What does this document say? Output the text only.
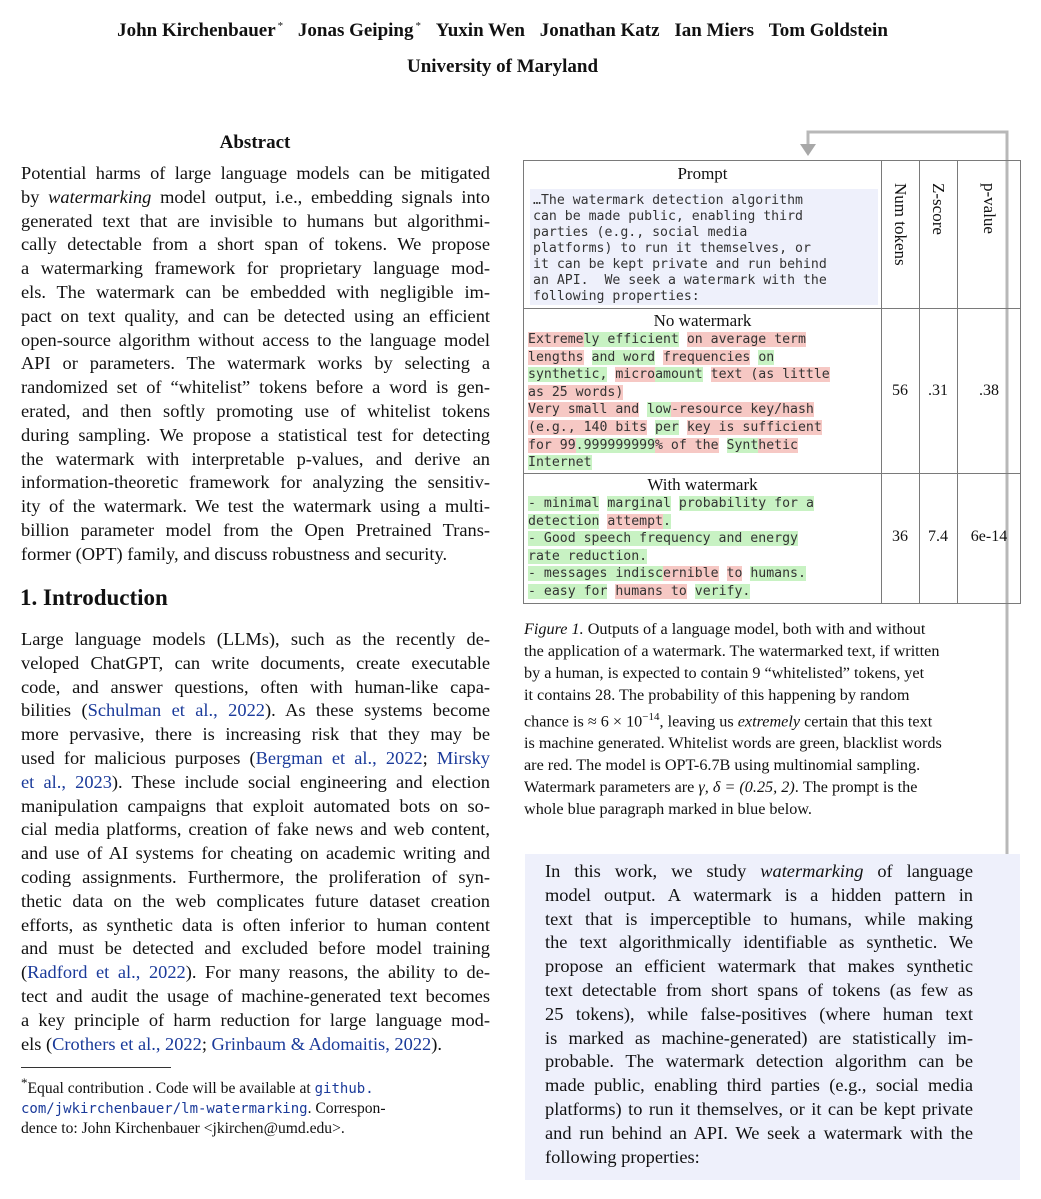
John Kirchenbauer * Jonas Geiping * Yuxin Wen Jonathan Katz Ian Miers Tom Goldstein
University of Maryland
Abstract
Potential harms of large language models can be mitigated
by watermarking model output, i.e., embedding signals into
generated text that are invisible to humans but algorithmi-
cally detectable from a short span of tokens. We propose
a watermarking framework for proprietary language mod-
els. The watermark can be embedded with negligible im-
pact on text quality, and can be detected using an efficient
open-source algorithm without access to the language model
API or parameters. The watermark works by selecting a
randomized set of “whitelist” tokens before a word is gen-
erated, and then softly promoting use of whitelist tokens
during sampling. We propose a statistical test for detecting
the watermark with interpretable p-values, and derive an
information-theoretic framework for analyzing the sensitiv-
ity of the watermark. We test the watermark using a multi-
billion parameter model from the Open Pretrained Trans-
former (OPT) family, and discuss robustness and security.
1. Introduction
Large language models (LLMs), such as the recently de-
veloped ChatGPT, can write documents, create executable
code, and answer questions, often with human-like capa-
bilities (Schulman et al., 2022). As these systems become
more pervasive, there is increasing risk that they may be
used for malicious purposes (Bergman et al., 2022; Mirsky
et al., 2023). These include social engineering and election
manipulation campaigns that exploit automated bots on so-
cial media platforms, creation of fake news and web content,
and use of AI systems for cheating on academic writing and
coding assignments. Furthermore, the proliferation of syn-
thetic data on the web complicates future dataset creation
efforts, as synthetic data is often inferior to human content
and must be detected and excluded before model training
(Radford et al., 2022). For many reasons, the ability to de-
tect and audit the usage of machine-generated text becomes
a key principle of harm reduction for large language mod-
els (Crothers et al., 2022; Grinbaum & Adomaitis, 2022).
*Equal contribution . Code will be available at github.
com/jwkirchenbauer/lm-watermarking. Correspon-
dence to: John Kirchenbauer <jkirchen@umd.edu>.
Num tokens Z-score p-value
Prompt
…The watermark detection algorithm
can be made public, enabling third
parties (e.g., social media
platforms) to run it themselves, or
it can be kept private and run behind
an API.  We seek a watermark with the
following properties:
No watermark
Extremely efficient on average term
lengths and word frequencies on
synthetic, microamount text (as little
as 25 words)
Very small and low-resource key/hash
(e.g., 140 bits per key is sufficient
for 99.999999999% of the Synthetic
Internet
56	.31	.38
With watermark
- minimal marginal probability for a
detection attempt.
- Good speech frequency and energy
rate reduction.
- messages indiscernible to humans.
- easy for humans to verify.
36	7.4	6e-14
Figure 1. Outputs of a language model, both with and without
the application of a watermark. The watermarked text, if written
by a human, is expected to contain 9 “whitelisted” tokens, yet
it contains 28. The probability of this happening by random
chance is ≈ $6 \times 10^{-14}$, leaving us extremely certain that this text
is machine generated. Whitelist words are green, blacklist words
are red. The model is OPT-6.7B using multinomial sampling.
Watermark parameters are γ, δ = (0.25, 2). The prompt is the
whole blue paragraph marked in blue below.
In this work, we study watermarking of language
model output. A watermark is a hidden pattern in
text that is imperceptible to humans, while making
the text algorithmically identifiable as synthetic. We
propose an efficient watermark that makes synthetic
text detectable from short spans of tokens (as few as
25 tokens), while false-positives (where human text
is marked as machine-generated) are statistically im-
probable. The watermark detection algorithm can be
made public, enabling third parties (e.g., social media
platforms) to run it themselves, or it can be kept private
and run behind an API. We seek a watermark with the
following properties:
